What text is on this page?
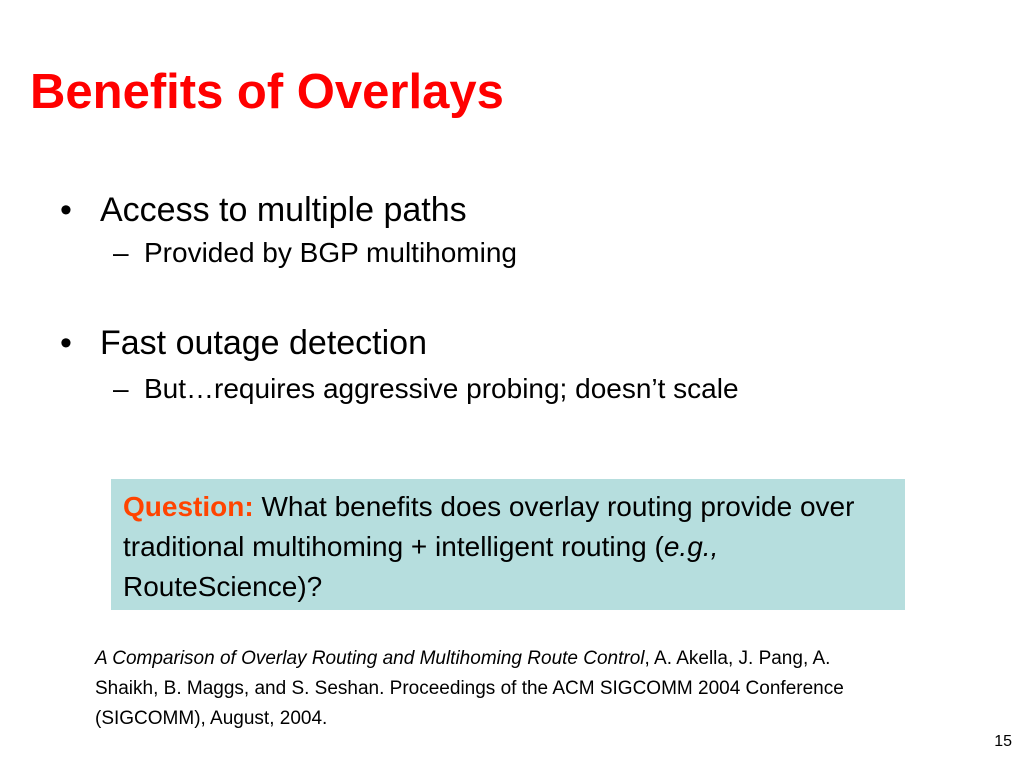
Benefits of Overlays
• Access to multiple paths
– Provided by BGP multihoming
• Fast outage detection
– But…requires aggressive probing; doesn’t scale
Question: What benefits does overlay routing provide over traditional multihoming + intelligent routing (e.g., RouteScience)?
A Comparison of Overlay Routing and Multihoming Route Control, A. Akella, J. Pang, A. Shaikh, B. Maggs, and S. Seshan. Proceedings of the ACM SIGCOMM 2004 Conference (SIGCOMM), August, 2004.
15
